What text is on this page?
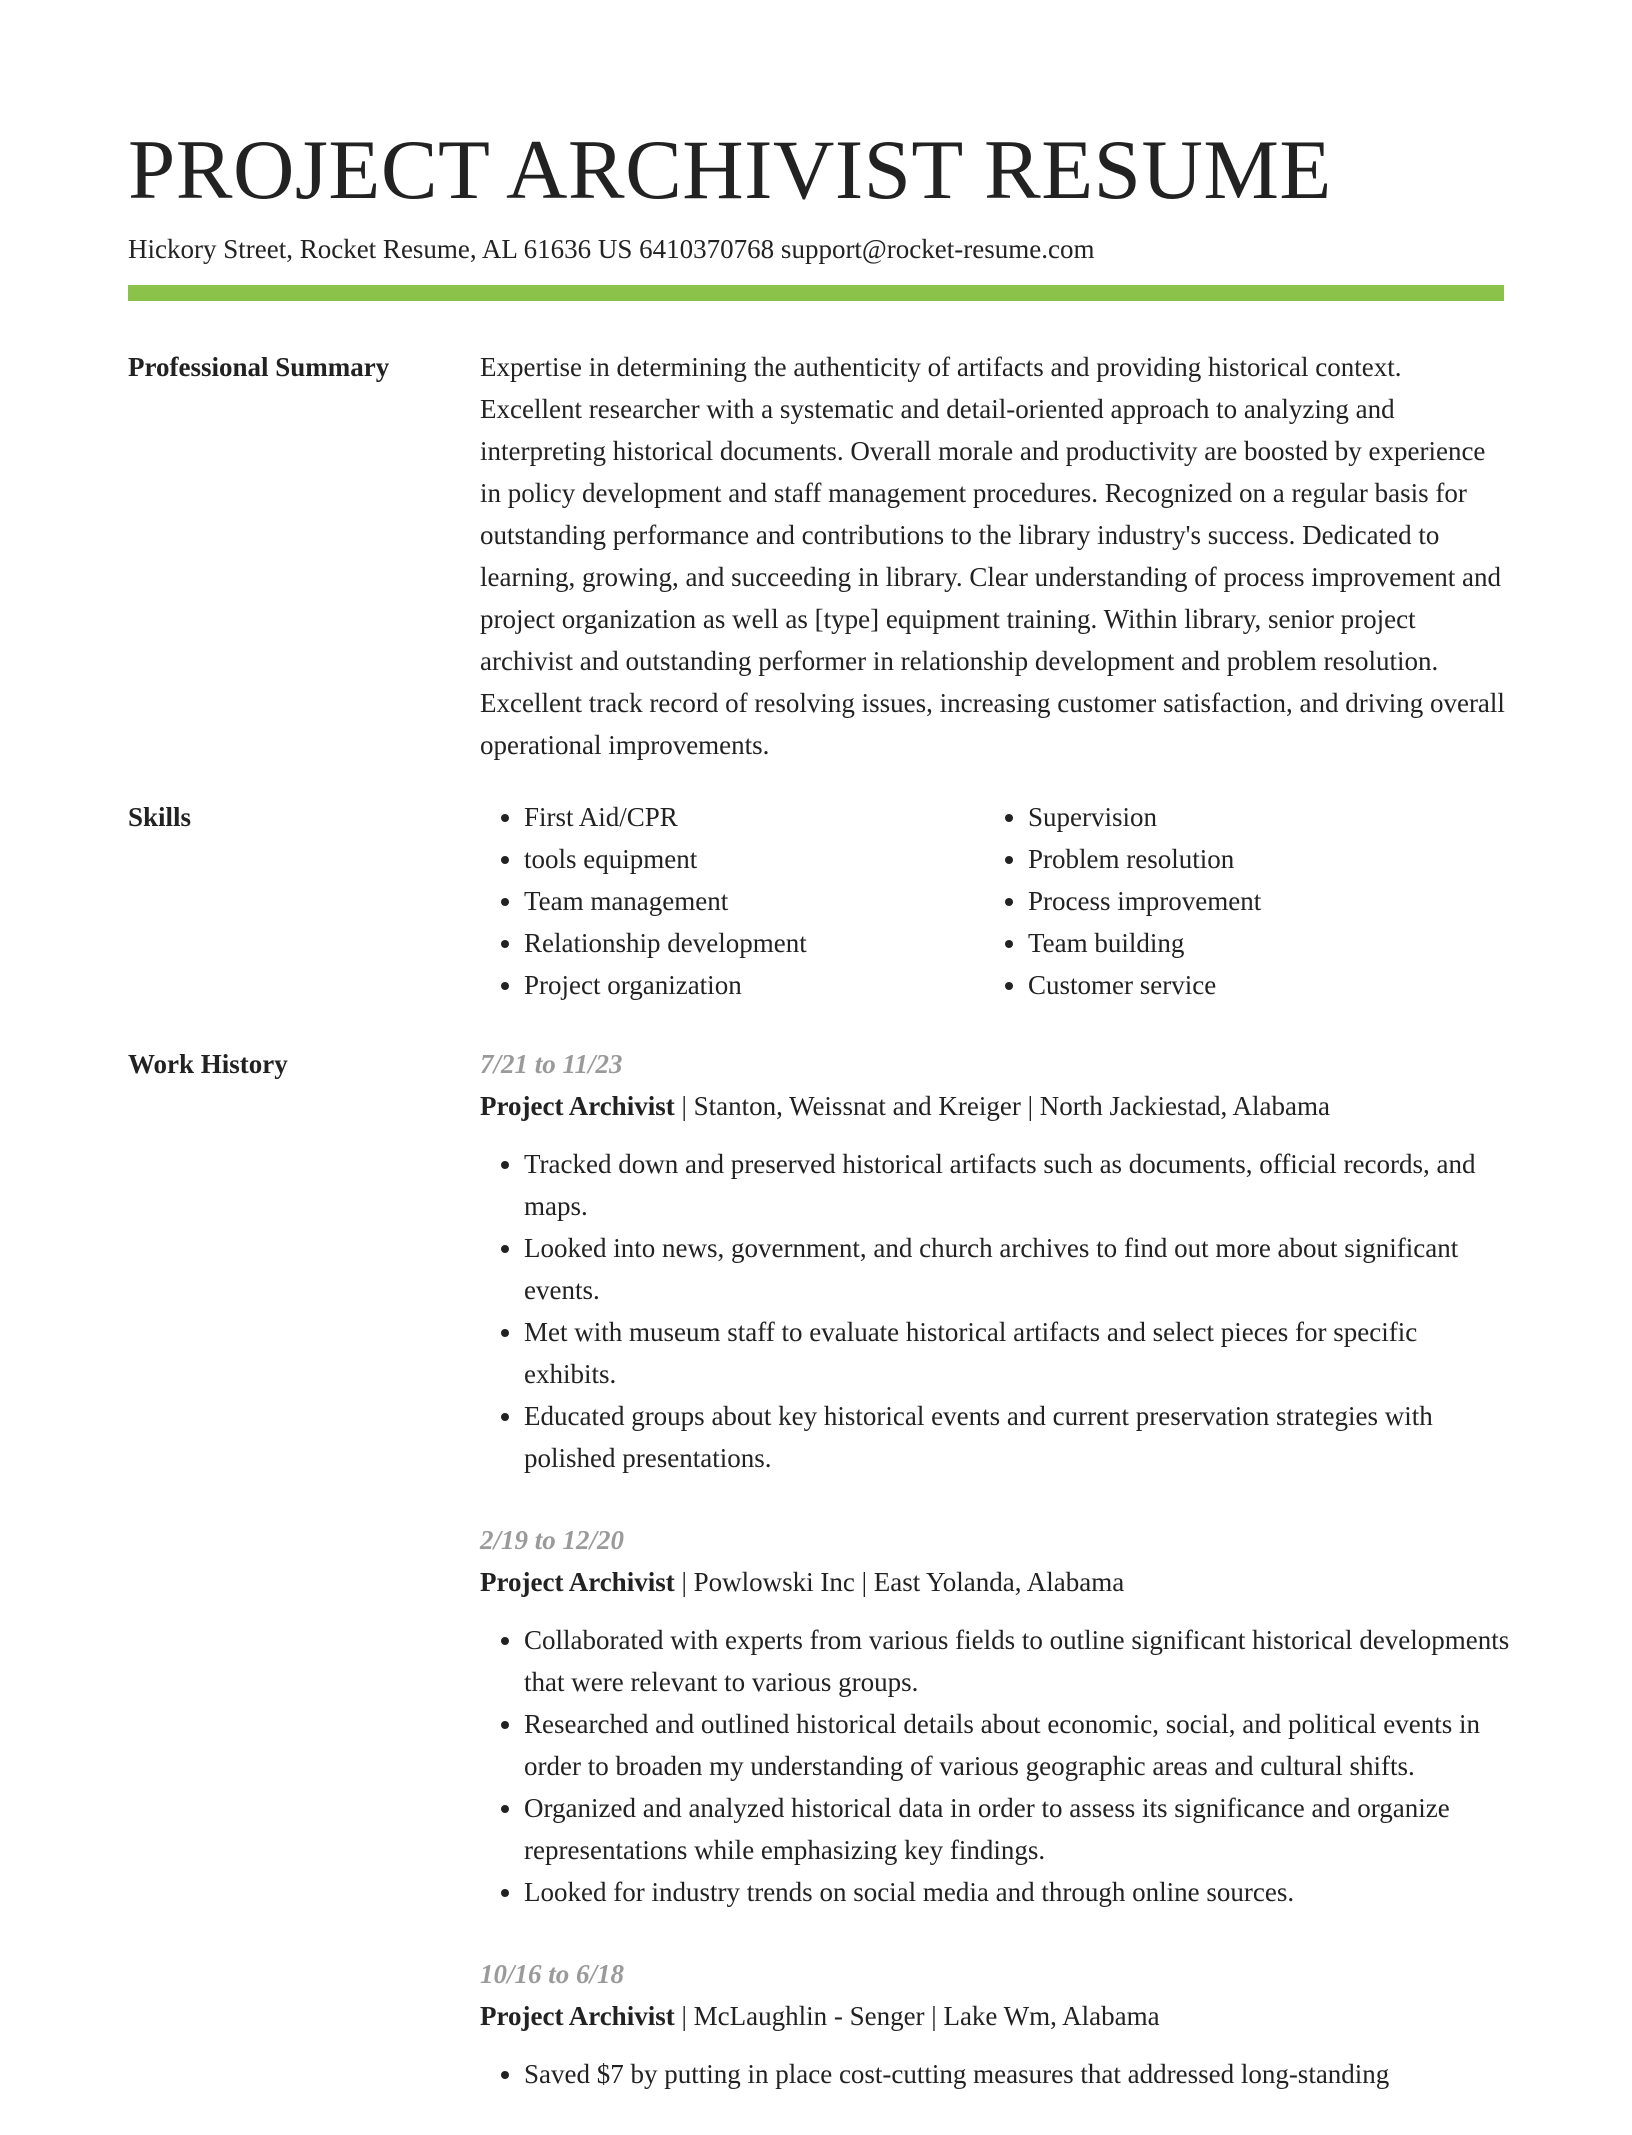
PROJECT ARCHIVIST RESUME

Hickory Street, Rocket Resume, AL 61636 US 6410370768 support@rocket-resume.com

Professional Summary	Expertise in determining the authenticity of artifacts and providing historical context. Excellent researcher with a systematic and detail-oriented approach to analyzing and interpreting historical documents. Overall morale and productivity are boosted by experience in policy development and staff management procedures. Recognized on a regular basis for outstanding performance and contributions to the library industry's success. Dedicated to learning, growing, and succeeding in library. Clear understanding of process improvement and project organization as well as [type] equipment training. Within library, senior project archivist and outstanding performer in relationship development and problem resolution. Excellent track record of resolving issues, increasing customer satisfaction, and driving overall operational improvements.

Skills
•	First Aid/CPR
• tools equipment
• Team management
• Relationship development
• Project organization
• Supervision
• Problem resolution
• Process improvement
• Team building
• Customer service
Work History	7/21 to 11/23
Project Archivist | Stanton, Weissnat and Kreiger | North Jackiestad, Alabama
• Tracked down and preserved historical artifacts such as documents, official records, and maps.
• Looked into news, government, and church archives to find out more about significant events.
• Met with museum staff to evaluate historical artifacts and select pieces for specific exhibits.
• Educated groups about key historical events and current preservation strategies with polished presentations.
2/19 to 12/20
Project Archivist | Powlowski Inc | East Yolanda, Alabama
• Collaborated with experts from various fields to outline significant historical developments that were relevant to various groups.
• Researched and outlined historical details about economic, social, and political events in order to broaden my understanding of various geographic areas and cultural shifts.
• Organized and analyzed historical data in order to assess its significance and organize representations while emphasizing key findings.
• Looked for industry trends on social media and through online sources.
10/16 to 6/18
Project Archivist | McLaughlin - Senger | Lake Wm, Alabama
• Saved $7 by putting in place cost-cutting measures that addressed long-standing
